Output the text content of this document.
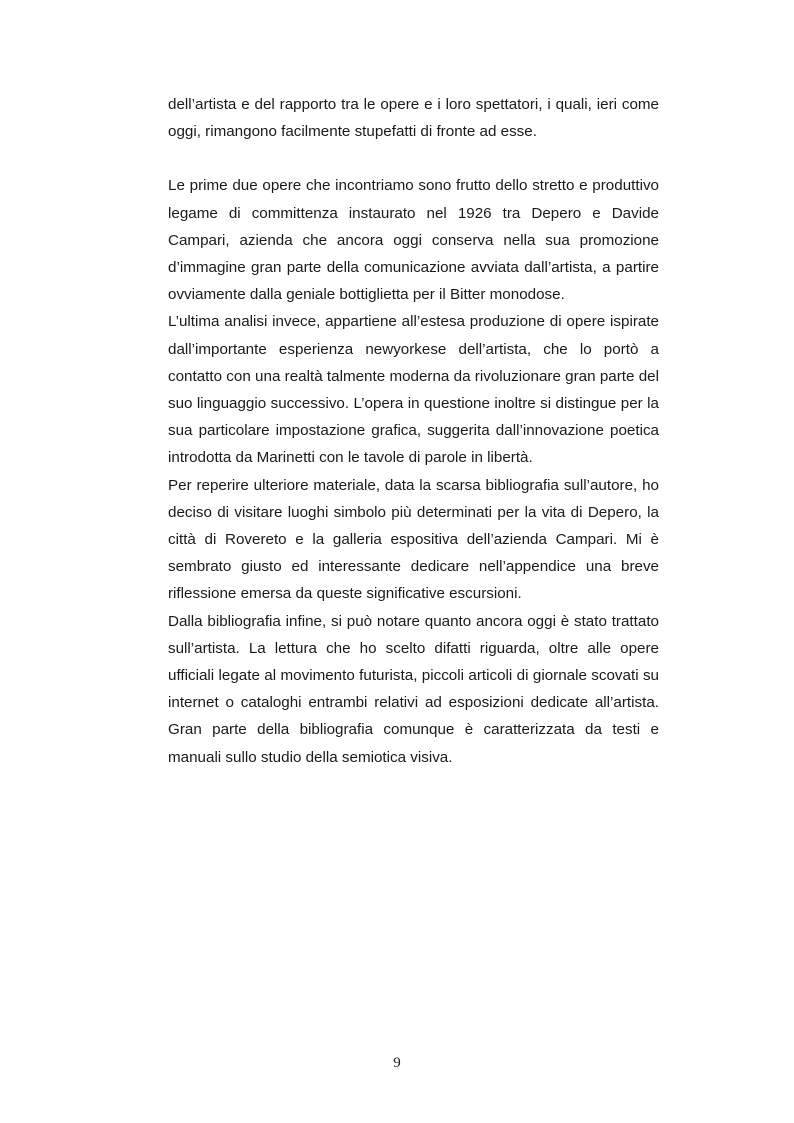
dell’artista e del rapporto tra le opere e i loro spettatori, i quali, ieri come oggi, rimangono facilmente stupefatti di fronte ad esse.

Le prime due opere che incontriamo sono frutto dello stretto e produttivo legame di committenza instaurato nel 1926 tra Depero e Davide Campari, azienda che ancora oggi conserva nella sua promozione d’immagine gran parte della comunicazione avviata dall’artista, a partire ovviamente dalla geniale bottiglietta per il Bitter monodose.

L’ultima analisi invece, appartiene all’estesa produzione di opere ispirate dall’importante esperienza newyorkese dell’artista, che lo portò a contatto con una realtà talmente moderna da rivoluzionare gran parte del suo linguaggio successivo. L’opera in questione inoltre si distingue per la sua particolare impostazione grafica, suggerita dall’innovazione poetica introdotta da Marinetti con le tavole di parole in libertà.

Per reperire ulteriore materiale, data la scarsa bibliografia sull’autore, ho deciso di visitare luoghi simbolo più determinati per la vita di Depero, la città di Rovereto e la galleria espositiva dell’azienda Campari. Mi è sembrato giusto ed interessante dedicare nell’appendice una breve riflessione emersa da queste significative escursioni.

Dalla bibliografia infine, si può notare quanto ancora oggi è stato trattato sull’artista. La lettura che ho scelto difatti riguarda, oltre alle opere ufficiali legate al movimento futurista, piccoli articoli di giornale scovati su internet o cataloghi entrambi relativi ad esposizioni dedicate all’artista. Gran parte della bibliografia comunque è caratterizzata da testi e manuali sullo studio della semiotica visiva.

9
